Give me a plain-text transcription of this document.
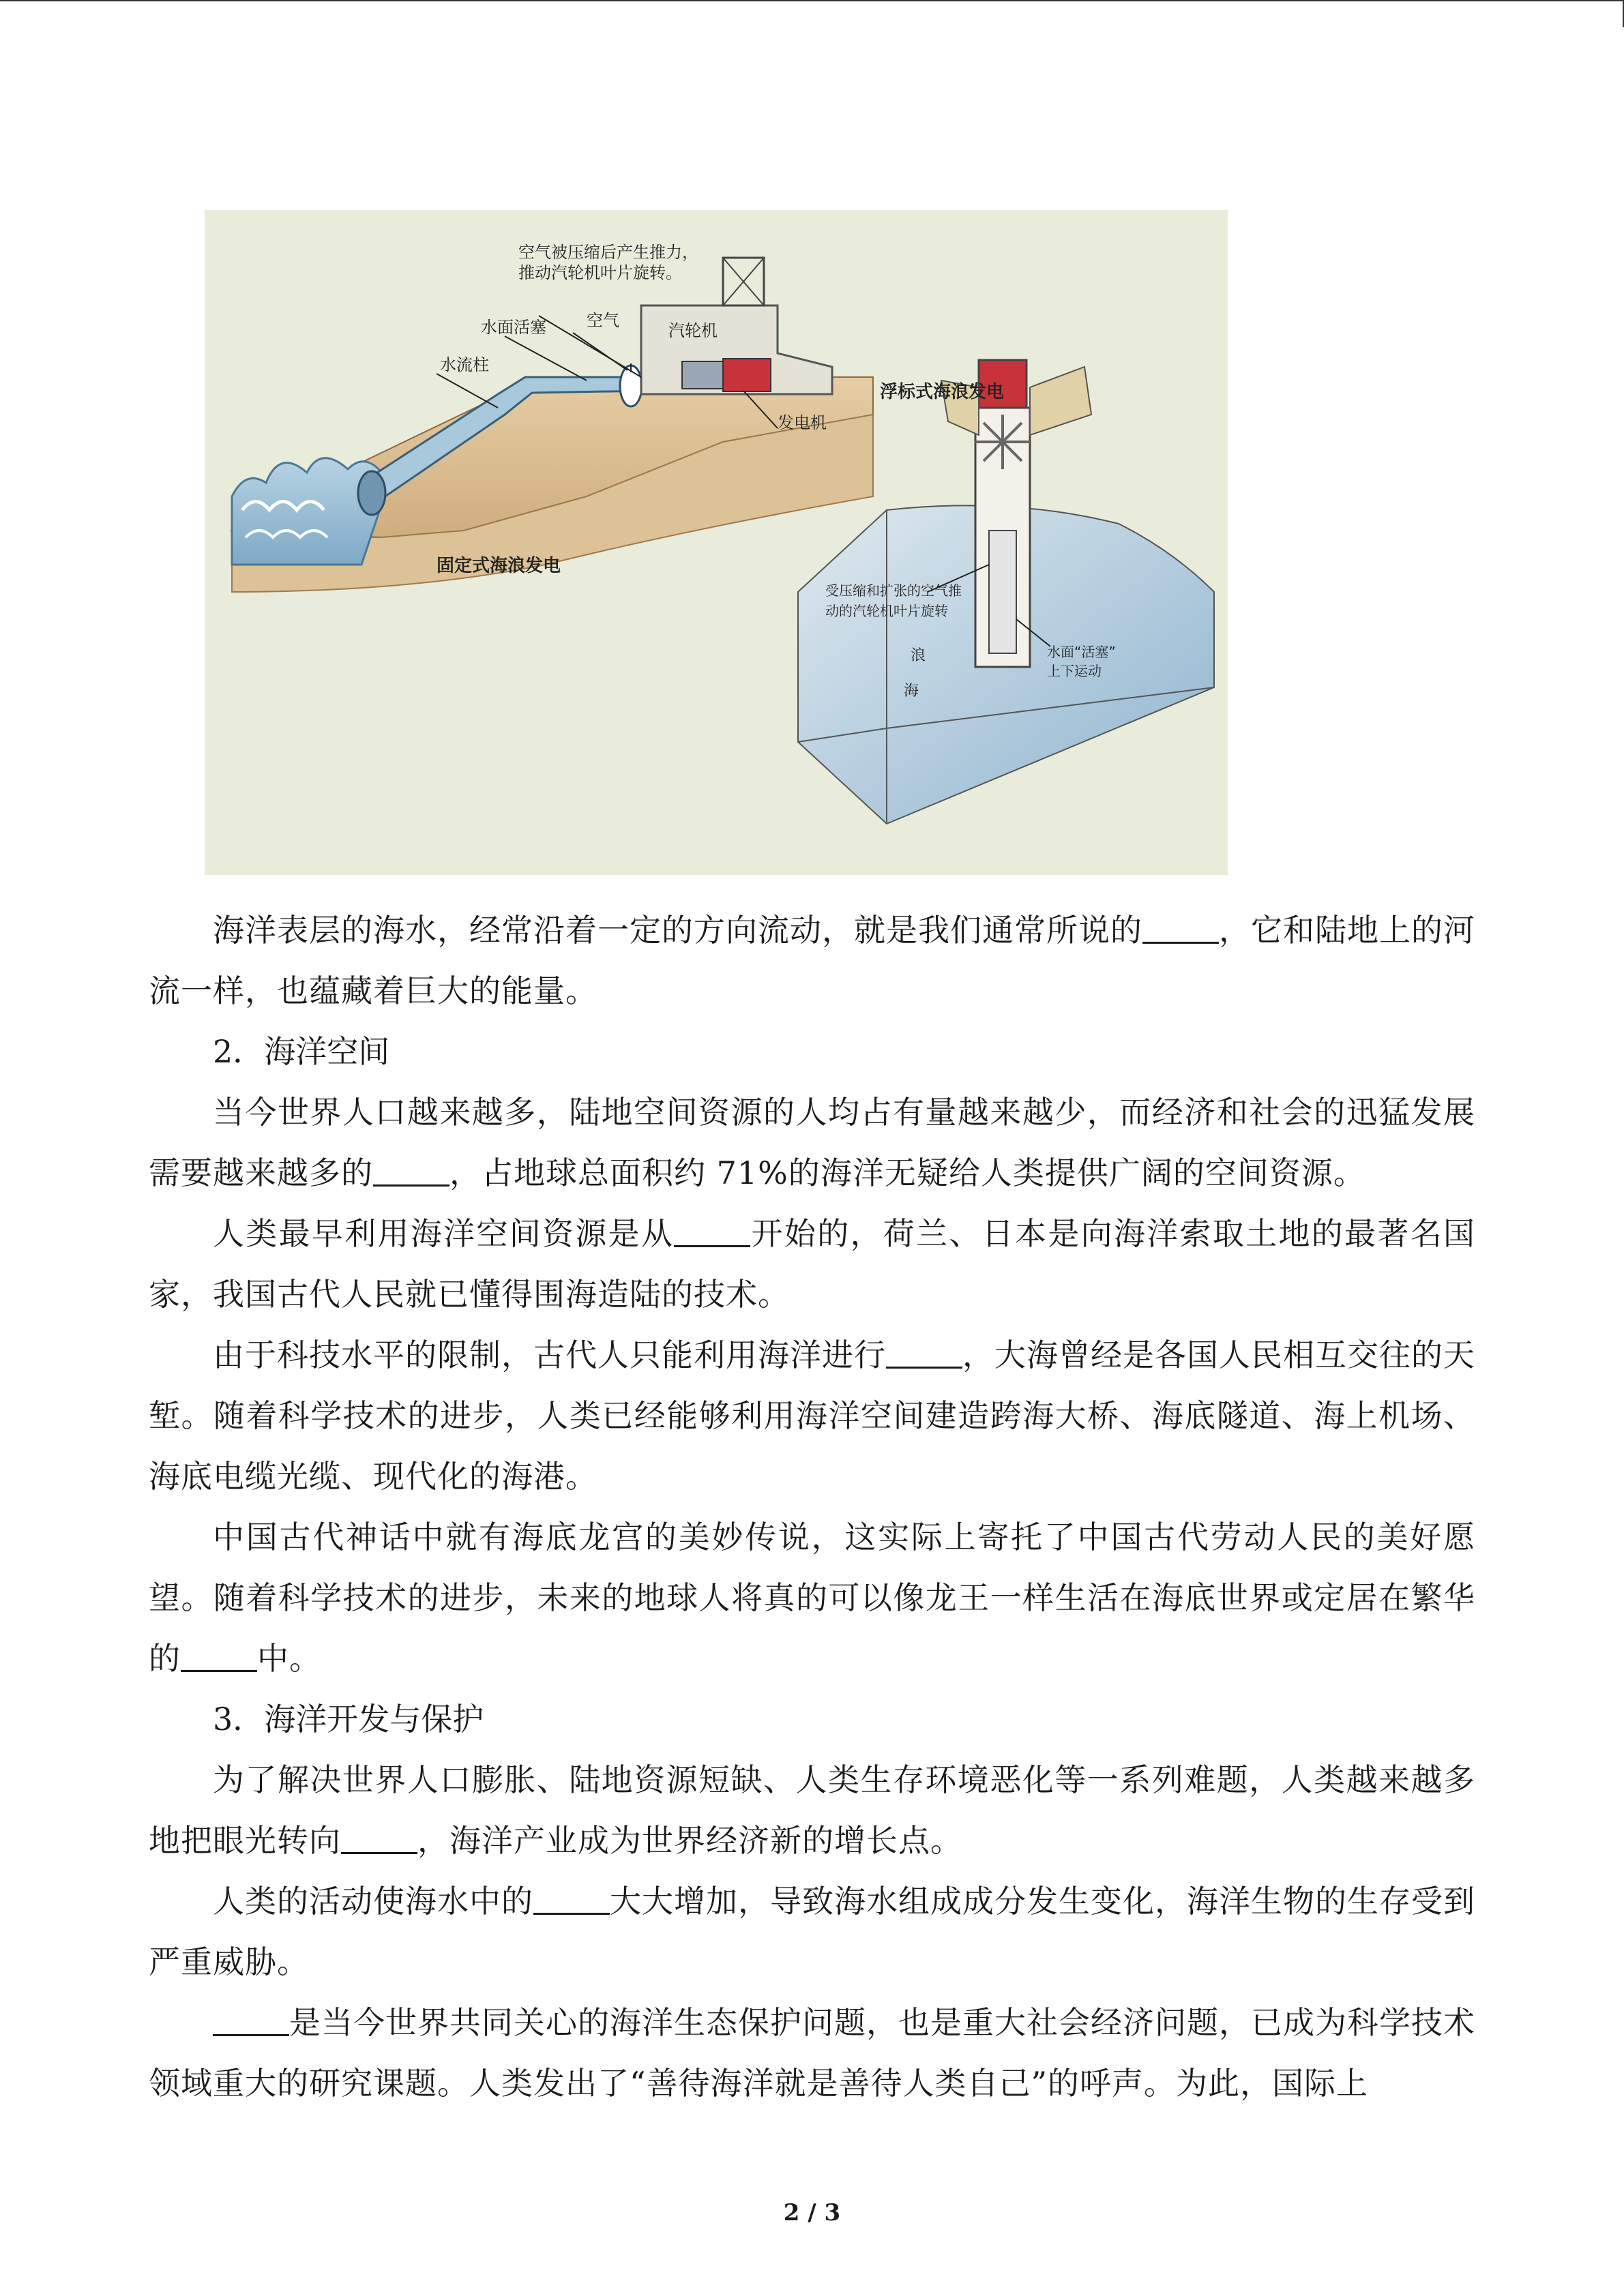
空气被压缩后产生推力，
推动汽轮机叶片旋转。
水面活塞 空气
汽轮机
水流柱
发电机
固定式海浪发电
浮标式海浪发电
受压缩和扩张的空气推
动的汽轮机叶片旋转
浪
海
水面“活塞”
上下运动

海洋表层的海水，经常沿着一定的方向流动，就是我们通常所说的 ，它和陆地上的河流一样，也蕴藏着巨大的能量。

2．海洋空间

当今世界人口越来越多，陆地空间资源的人均占有量越来越少，而经济和社会的迅猛发展需要越来越多的 ，占地球总面积约 71%的海洋无疑给人类提供广阔的空间资源。

人类最早利用海洋空间资源是从 开始的，荷兰、日本是向海洋索取土地的最著名国家，我国古代人民就已懂得围海造陆的技术。

由于科技水平的限制，古代人只能利用海洋进行 ，大海曾经是各国人民相互交往的天堑。随着科学技术的进步，人类已经能够利用海洋空间建造跨海大桥、海底隧道、海上机场、海底电缆光缆、现代化的海港。

中国古代神话中就有海底龙宫的美妙传说，这实际上寄托了中国古代劳动人民的美好愿望。随着科学技术的进步，未来的地球人将真的可以像龙王一样生活在海底世界或定居在繁华的 中。

3．海洋开发与保护

为了解决世界人口膨胀、陆地资源短缺、人类生存环境恶化等一系列难题，人类越来越多地把眼光转向 ，海洋产业成为世界经济新的增长点。

人类的活动使海水中的 大大增加，导致海水组成成分发生变化，海洋生物的生存受到严重威胁。

是当今世界共同关心的海洋生态保护问题，也是重大社会经济问题，已成为科学技术领域重大的研究课题。人类发出了“善待海洋就是善待人类自己”的呼声。为此，国际上

2 / 3
